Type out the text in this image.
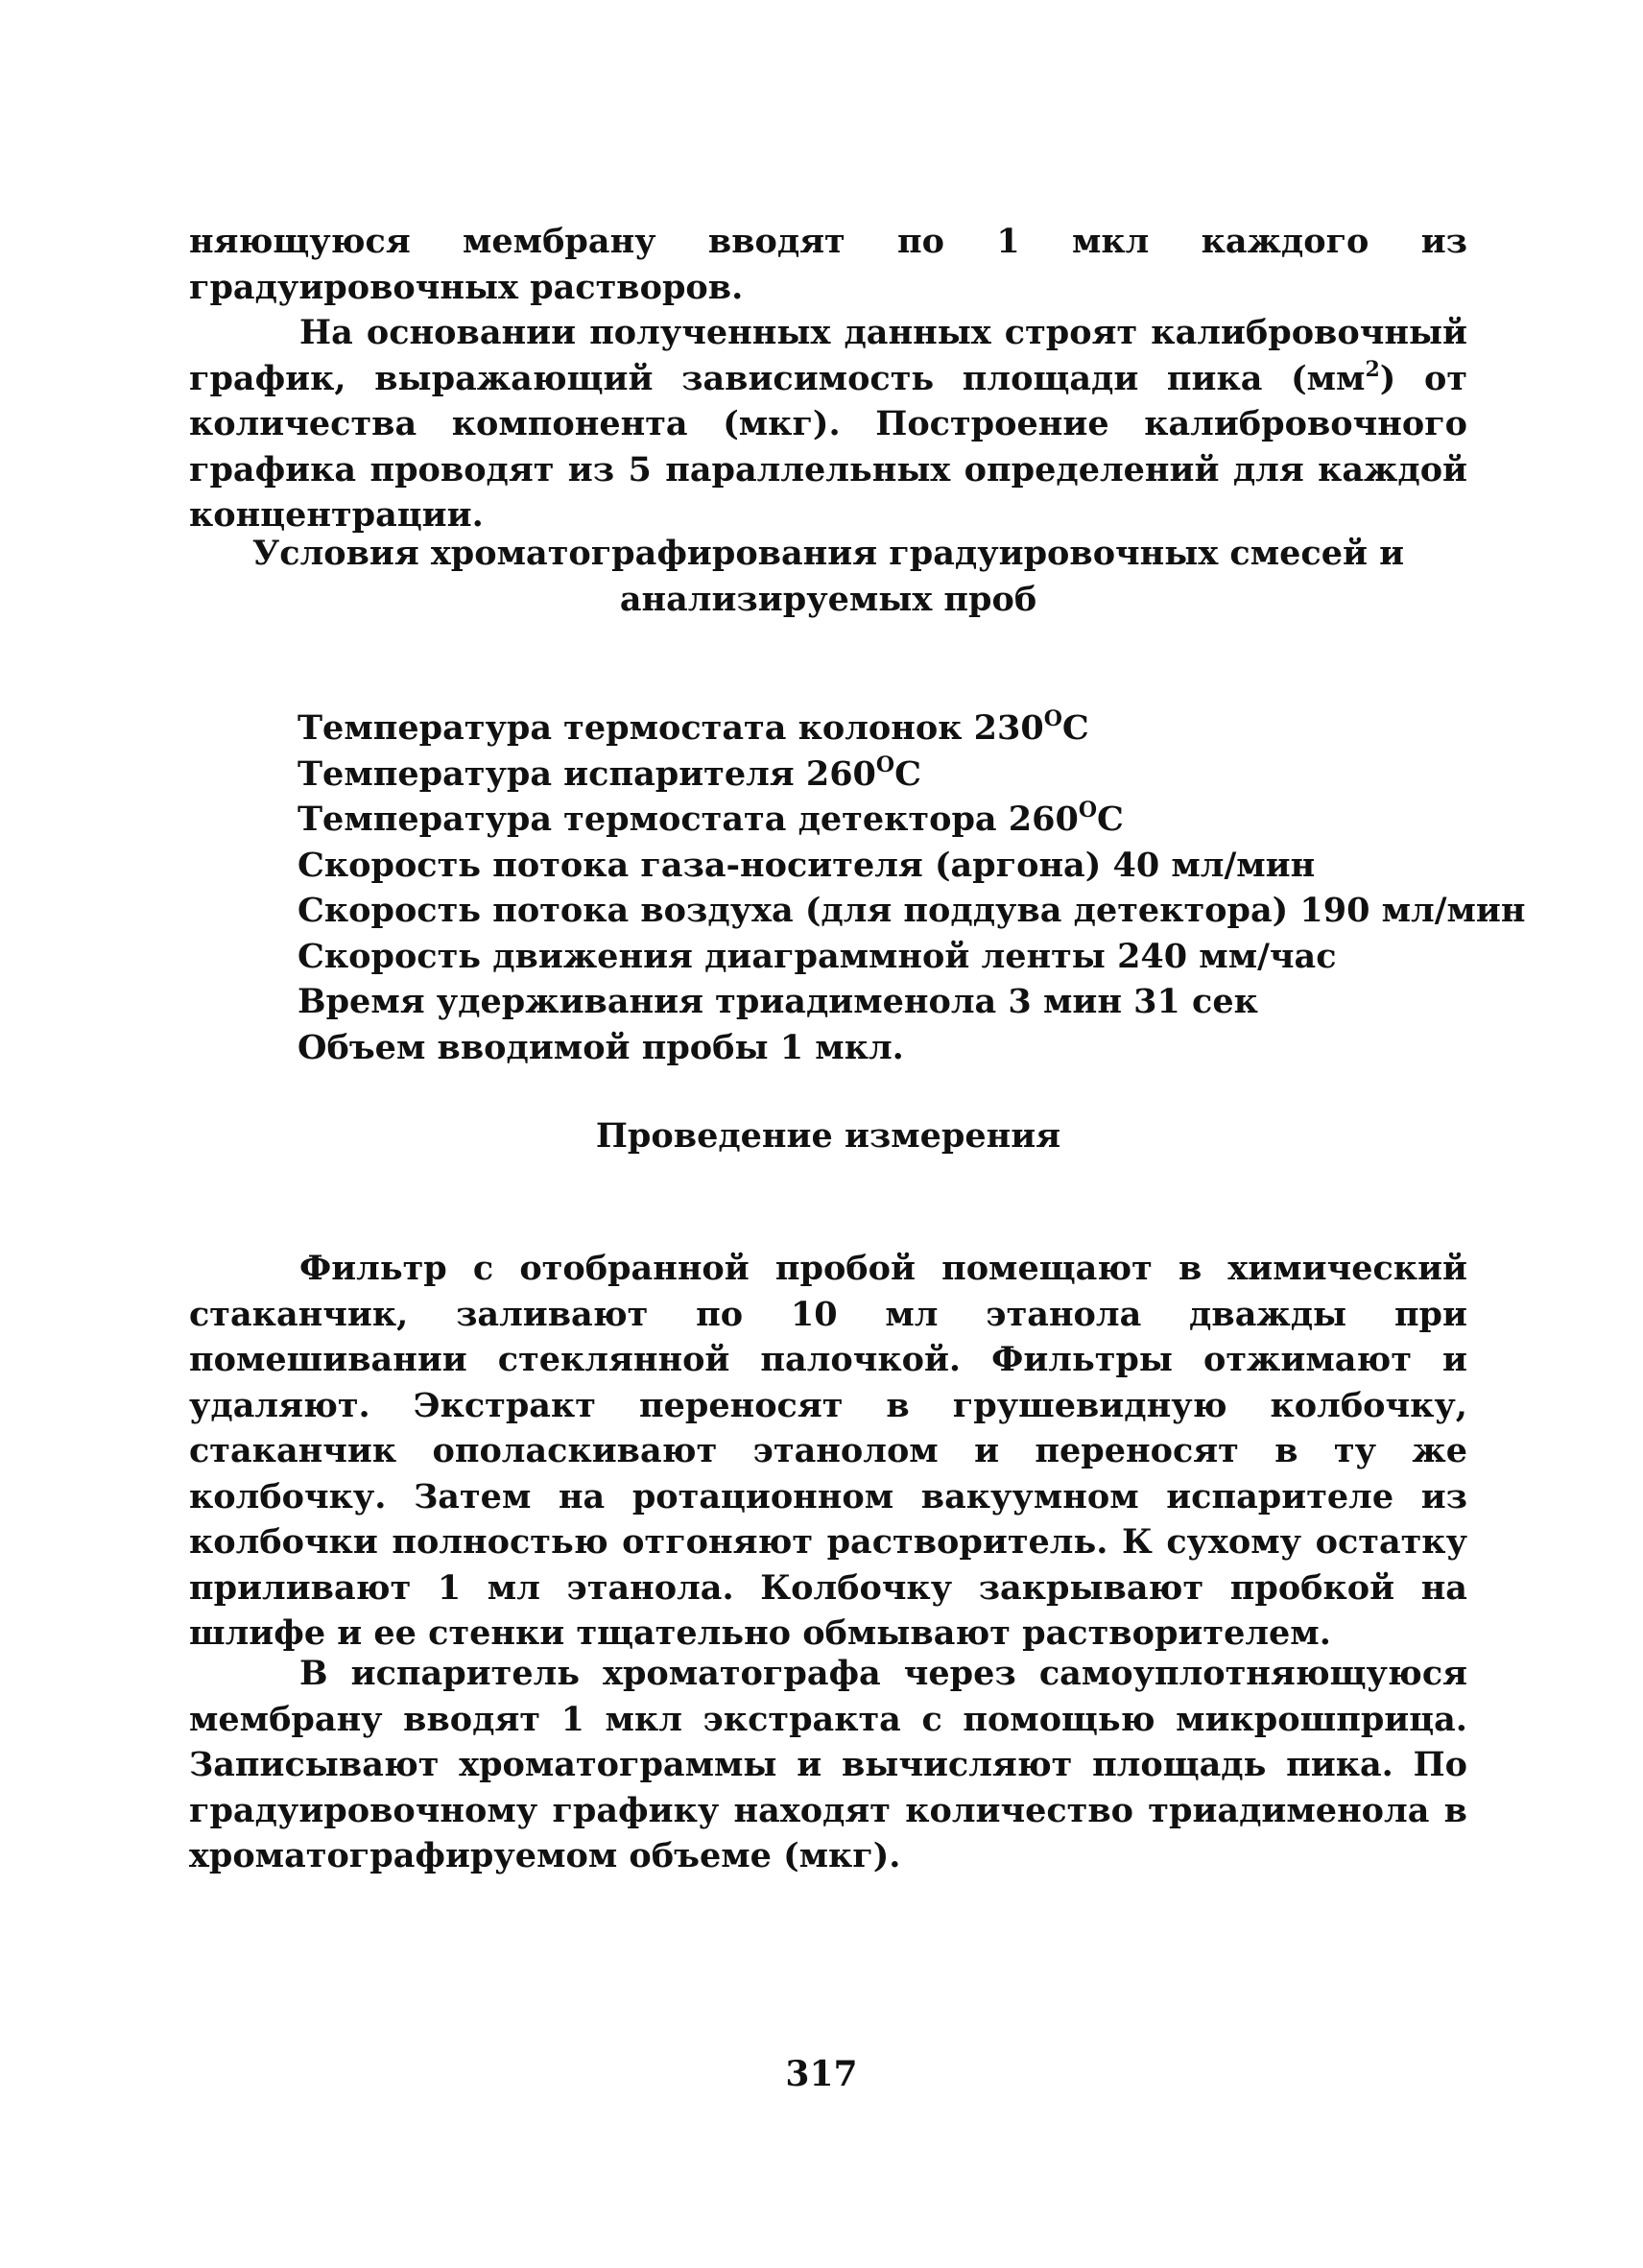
няющуюся мембрану вводят по 1 мкл каждого из градуировочных растворов.

На основании полученных данных строят калибровочный график, выражающий зависимость площади пика $(мм^2)$ от количества компонента (мкг). Построение калибровочного графика проводят из 5 параллельных определений для каждой концентрации.

Условия хроматографирования градуировочных смесей и
анализируемых проб

Температура термостата колонок $230^OC$
Температура испарителя $260^OC$
Температура термостата детектора $260^OC$
Скорость потока газа-носителя (аргона) 40 мл/мин
Скорость потока воздуха (для поддува детектора) 190 мл/мин
Скорость движения диаграммной ленты 240 мм/час
Время удерживания триадименола 3 мин 31 сек
Объем вводимой пробы 1 мкл.

Проведение измерения

Фильтр с отобранной пробой помещают в химический стаканчик, заливают по 10 мл этанола дважды при помешивании стеклянной палочкой. Фильтры отжимают и удаляют. Экстракт переносят в грушевидную колбочку, стаканчик ополаскивают этанолом и переносят в ту же колбочку. Затем на ротационном вакуумном испарителе из колбочки полностью отгоняют растворитель. К сухому остатку приливают 1 мл этанола. Колбочку закрывают пробкой на шлифе и ее стенки тщательно обмывают растворителем.

В испаритель хроматографа через самоуплотняющуюся мембрану вводят 1 мкл экстракта с помощью микрошприца. Записывают хроматограммы и вычисляют площадь пика. По градуировочному графику находят количество триадименола в хроматографируемом объеме (мкг).

317
